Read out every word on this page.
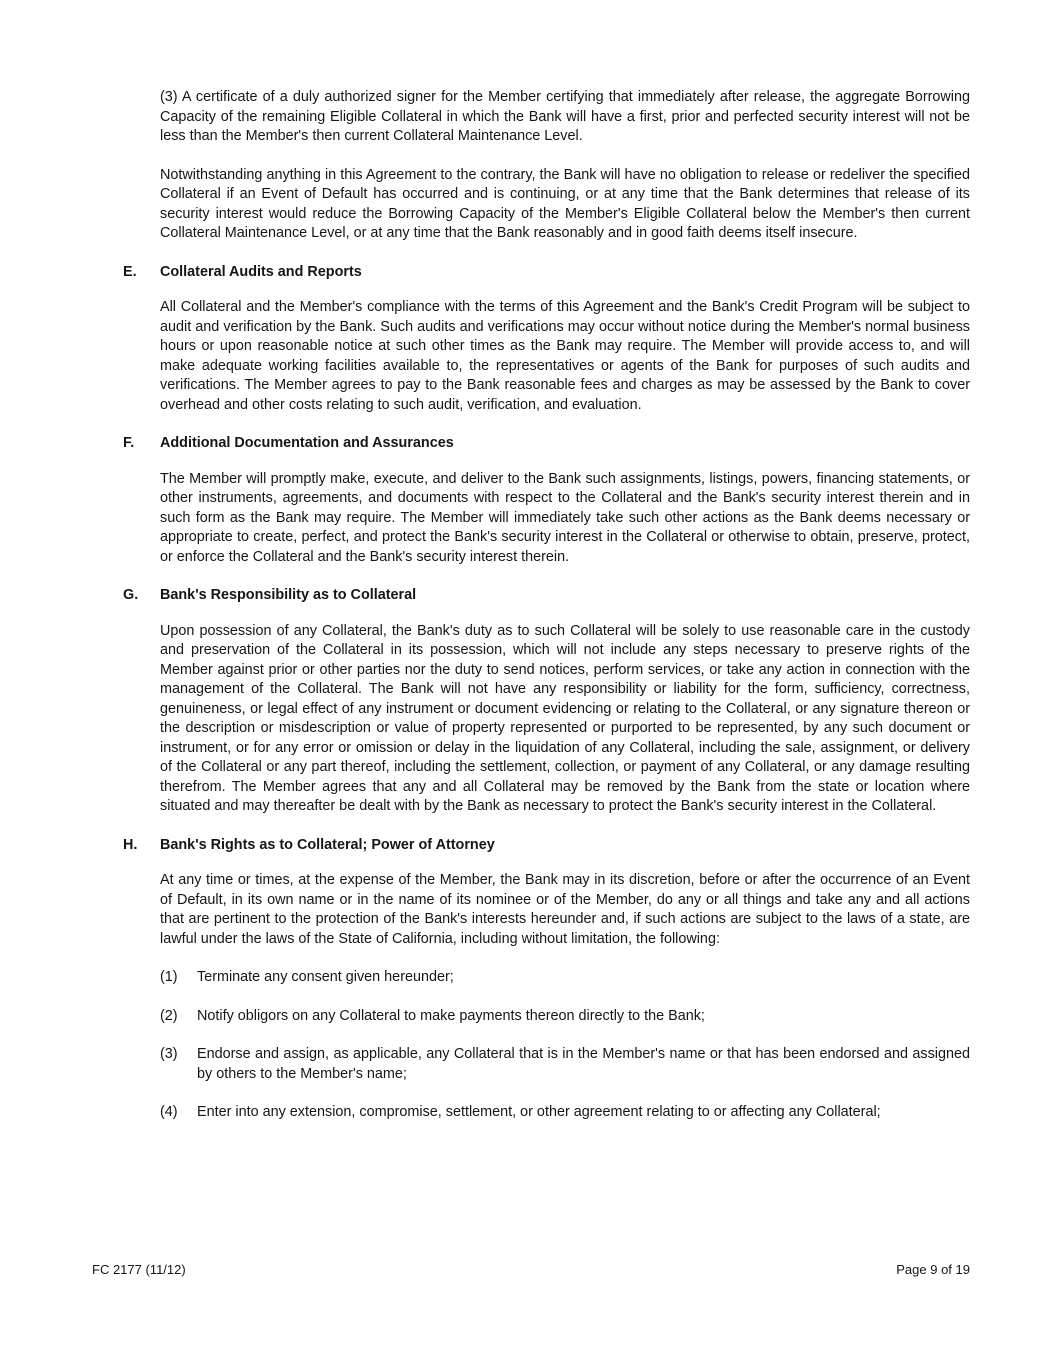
(3) A certificate of a duly authorized signer for the Member certifying that immediately after release, the aggregate Borrowing Capacity of the remaining Eligible Collateral in which the Bank will have a first, prior and perfected security interest will not be less than the Member's then current Collateral Maintenance Level.

Notwithstanding anything in this Agreement to the contrary, the Bank will have no obligation to release or redeliver the specified Collateral if an Event of Default has occurred and is continuing, or at any time that the Bank determines that release of its security interest would reduce the Borrowing Capacity of the Member's Eligible Collateral below the Member's then current Collateral Maintenance Level, or at any time that the Bank reasonably and in good faith deems itself insecure.

E.	Collateral Audits and Reports

All Collateral and the Member's compliance with the terms of this Agreement and the Bank's Credit Program will be subject to audit and verification by the Bank. Such audits and verifications may occur without notice during the Member's normal business hours or upon reasonable notice at such other times as the Bank may require. The Member will provide access to, and will make adequate working facilities available to, the representatives or agents of the Bank for purposes of such audits and verifications. The Member agrees to pay to the Bank reasonable fees and charges as may be assessed by the Bank to cover overhead and other costs relating to such audit, verification, and evaluation.

F.	Additional Documentation and Assurances

The Member will promptly make, execute, and deliver to the Bank such assignments, listings, powers, financing statements, or other instruments, agreements, and documents with respect to the Collateral and the Bank's security interest therein and in such form as the Bank may require. The Member will immediately take such other actions as the Bank deems necessary or appropriate to create, perfect, and protect the Bank's security interest in the Collateral or otherwise to obtain, preserve, protect, or enforce the Collateral and the Bank's security interest therein.

G.	Bank's Responsibility as to Collateral

Upon possession of any Collateral, the Bank's duty as to such Collateral will be solely to use reasonable care in the custody and preservation of the Collateral in its possession, which will not include any steps necessary to preserve rights of the Member against prior or other parties nor the duty to send notices, perform services, or take any action in connection with the management of the Collateral. The Bank will not have any responsibility or liability for the form, sufficiency, correctness, genuineness, or legal effect of any instrument or document evidencing or relating to the Collateral, or any signature thereon or the description or misdescription or value of property represented or purported to be represented, by any such document or instrument, or for any error or omission or delay in the liquidation of any Collateral, including the sale, assignment, or delivery of the Collateral or any part thereof, including the settlement, collection, or payment of any Collateral, or any damage resulting therefrom. The Member agrees that any and all Collateral may be removed by the Bank from the state or location where situated and may thereafter be dealt with by the Bank as necessary to protect the Bank's security interest in the Collateral.

H.	Bank's Rights as to Collateral; Power of Attorney

At any time or times, at the expense of the Member, the Bank may in its discretion, before or after the occurrence of an Event of Default, in its own name or in the name of its nominee or of the Member, do any or all things and take any and all actions that are pertinent to the protection of the Bank's interests hereunder and, if such actions are subject to the laws of a state, are lawful under the laws of the State of California, including without limitation, the following:

(1)	Terminate any consent given hereunder;
(2)	Notify obligors on any Collateral to make payments thereon directly to the Bank;
(3)	Endorse and assign, as applicable, any Collateral that is in the Member's name or that has been endorsed and assigned by others to the Member's name;
(4)	Enter into any extension, compromise, settlement, or other agreement relating to or affecting any Collateral;
FC 2177 (11/12)	Page 9 of 19
